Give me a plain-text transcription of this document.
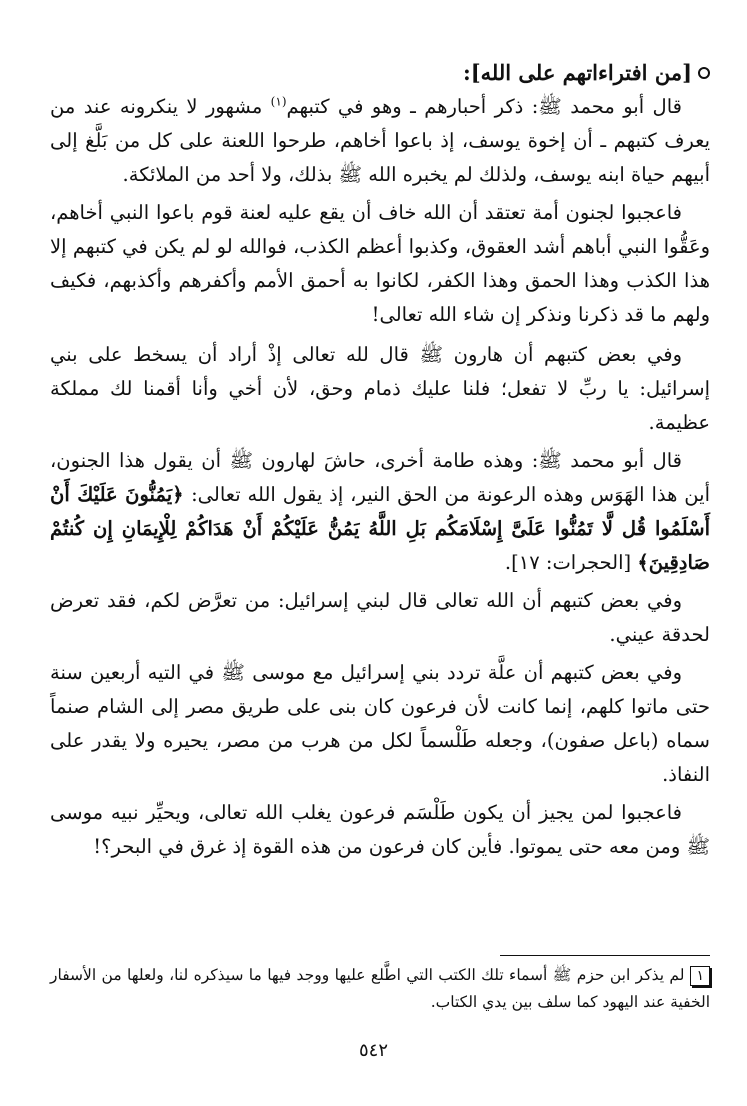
[من افتراءاتهم على الله]:

قال أبو محمد ﷺ: ذكر أحبارهم ـ وهو في كتبهم$^{(١)}$ مشهور لا ينكرونه عند من يعرف كتبهم ـ أن إخوة يوسف، إذ باعوا أخاهم، طرحوا اللعنة على كل من بَلَّغ إلى أبيهم حياة ابنه يوسف، ولذلك لم يخبره الله ﷺ بذلك، ولا أحد من الملائكة.

فاعجبوا لجنون أمة تعتقد أن الله خاف أن يقع عليه لعنة قوم باعوا النبي أخاهم، وعَقُّوا النبي أباهم أشد العقوق، وكذبوا أعظم الكذب، فوالله لو لم يكن في كتبهم إلا هذا الكذب وهذا الحمق وهذا الكفر، لكانوا به أحمق الأمم وأكفرهم وأكذبهم، فكيف ولهم ما قد ذكرنا ونذكر إن شاء الله تعالى!

وفي بعض كتبهم أن هارون ﷺ قال لله تعالى إذْ أراد أن يسخط على بني إسرائيل: يا ربِّ لا تفعل؛ فلنا عليك ذمام وحق، لأن أخي وأنا أقمنا لك مملكة عظيمة.

قال أبو محمد ﷺ: وهذه طامة أخرى، حاشَ لهارون ﷺ أن يقول هذا الجنون، أين هذا الهَوَس وهذه الرعونة من الحق النير، إذ يقول الله تعالى: ﴿يَمُنُّونَ عَلَيْكَ أَنْ أَسْلَمُوا قُل لَّا تَمُنُّوا عَلَىَّ إِسْلَامَكُم بَلِ اللَّهُ يَمُنُّ عَلَيْكُمْ أَنْ هَدَاكُمْ لِلْإِيمَانِ إِن كُنتُمْ صَادِقِينَ﴾ [الحجرات: ١٧].

وفي بعض كتبهم أن الله تعالى قال لبني إسرائيل: من تعرَّض لكم، فقد تعرض لحدقة عيني.

وفي بعض كتبهم أن علَّة تردد بني إسرائيل مع موسى ﷺ في التيه أربعين سنة حتى ماتوا كلهم، إنما كانت لأن فرعون كان بنى على طريق مصر إلى الشام صنماً سماه (باعل صفون)، وجعله طَلْسماً لكل من هرب من مصر، يحيره ولا يقدر على النفاذ.

فاعجبوا لمن يجيز أن يكون طَلْسَم فرعون يغلب الله تعالى، ويحيِّر نبيه موسى ﷺ ومن معه حتى يموتوا. فأين كان فرعون من هذه القوة إذ غرق في البحر؟!

١لم يذكر ابن حزم ﷺ أسماء تلك الكتب التي اطَّلع عليها ووجد فيها ما سيذكره لنا، ولعلها من الأسفار الخفية عند اليهود كما سلف بين يدي الكتاب.
٥٤٢
